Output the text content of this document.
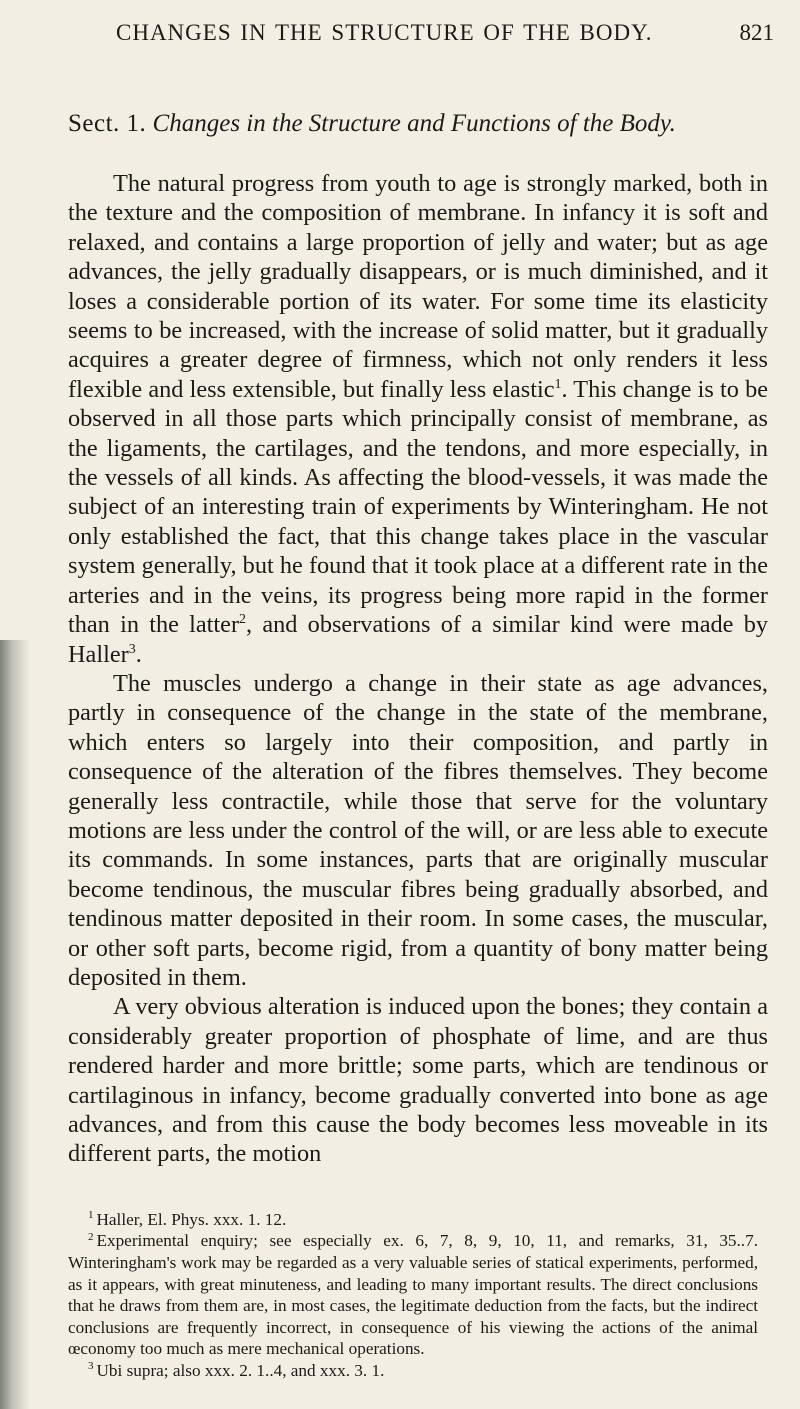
CHANGES IN THE STRUCTURE OF THE BODY.	821
Sect. 1. Changes in the Structure and Functions of the Body.

The natural progress from youth to age is strongly marked, both in the texture and the composition of membrane. In infancy it is soft and relaxed, and contains a large proportion of jelly and water; but as age advances, the jelly gradually disappears, or is much diminished, and it loses a considerable portion of its water. For some time its elasticity seems to be increased, with the increase of solid matter, but it gradually acquires a greater degree of firmness, which not only renders it less flexible and less extensible, but finally less elastic$^1$. This change is to be observed in all those parts which principally consist of membrane, as the ligaments, the cartilages, and the tendons, and more especially, in the vessels of all kinds. As affecting the blood-vessels, it was made the subject of an interesting train of experiments by Winteringham. He not only established the fact, that this change takes place in the vascular system generally, but he found that it took place at a different rate in the arteries and in the veins, its progress being more rapid in the former than in the latter$^2$, and observations of a similar kind were made by Haller$^3$.

The muscles undergo a change in their state as age advances, partly in consequence of the change in the state of the membrane, which enters so largely into their composition, and partly in consequence of the alteration of the fibres themselves. They become generally less contractile, while those that serve for the voluntary motions are less under the control of the will, or are less able to execute its commands. In some instances, parts that are originally muscular become tendinous, the muscular fibres being gradually absorbed, and tendinous matter deposited in their room. In some cases, the muscular, or other soft parts, become rigid, from a quantity of bony matter being deposited in them.

A very obvious alteration is induced upon the bones; they contain a considerably greater proportion of phosphate of lime, and are thus rendered harder and more brittle; some parts, which are tendinous or cartilaginous in infancy, become gradually converted into bone as age advances, and from this cause the body becomes less moveable in its different parts, the motion

$^1$ Haller, El. Phys. xxx. 1. 12.

$^2$ Experimental enquiry; see especially ex. 6, 7, 8, 9, 10, 11, and remarks, 31, 35..7. Winteringham's work may be regarded as a very valuable series of statical experiments, performed, as it appears, with great minuteness, and leading to many important results. The direct conclusions that he draws from them are, in most cases, the legitimate deduction from the facts, but the indirect conclusions are frequently incorrect, in consequence of his viewing the actions of the animal œconomy too much as mere mechanical operations.

$^3$ Ubi supra; also xxx. 2. 1..4, and xxx. 3. 1.
